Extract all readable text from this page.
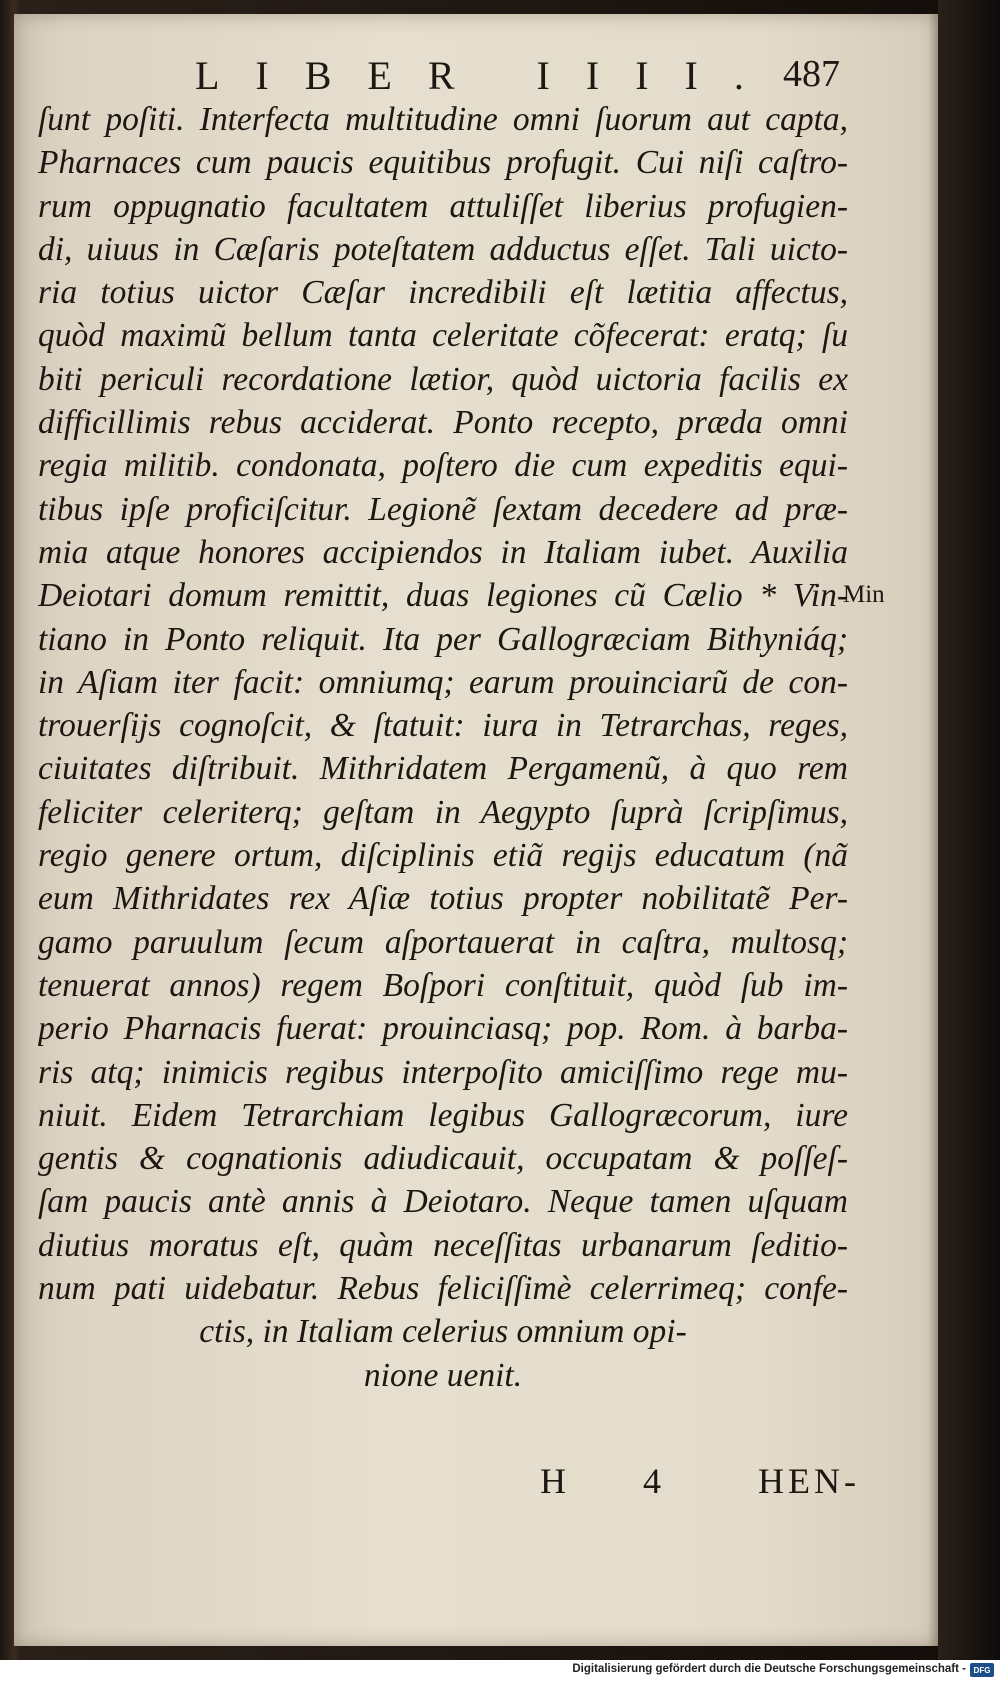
LIBER IIII. 487
ſunt poſiti. Interfecta multitudine omni ſuorum aut capta,
Pharnaces cum paucis equitibus profugit. Cui niſi caſtro-
rum oppugnatio facultatem attuliſſet liberius profugien-
di, uiuus in Cæſaris poteſtatem adductus eſſet. Tali uicto-
ria totius uictor Cæſar incredibili eſt lætitia affectus,
quòd maximũ bellum tanta celeritate cõfecerat: eratq; ſu
biti periculi recordatione lætior, quòd uictoria facilis ex
difficillimis rebus acciderat. Ponto recepto, præda omni
regia militib. condonata, poſtero die cum expeditis equi-
tibus ipſe proficiſcitur. Legionẽ ſextam decedere ad præ-
mia atque honores accipiendos in Italiam iubet. Auxilia
Deiotari domum remittit, duas legiones cũ Cælio * Vin-
tiano in Ponto reliquit. Ita per Gallogræciam Bithyniáq;
in Aſiam iter facit: omniumq; earum prouinciarũ de con-
trouerſijs cognoſcit, & ſtatuit: iura in Tetrarchas, reges,
ciuitates diſtribuit. Mithridatem Pergamenũ, à quo rem
feliciter celeriterq; geſtam in Aegypto ſuprà ſcripſimus,
regio genere ortum, diſciplinis etiã regijs educatum (nã
eum Mithridates rex Aſiæ totius propter nobilitatẽ Per-
gamo paruulum ſecum aſportauerat in caſtra, multosq;
tenuerat annos) regem Boſpori conſtituit, quòd ſub im-
perio Pharnacis fuerat: prouinciasq; pop. Rom. à barba-
ris atq; inimicis regibus interpoſito amiciſſimo rege mu-
niuit. Eidem Tetrarchiam legibus Gallogræcorum, iure
gentis & cognationis adiudicauit, occupatam & poſſeſ-
ſam paucis antè annis à Deiotaro. Neque tamen uſquam
diutius moratus eſt, quàm neceſſitas urbanarum ſeditio-
num pati uidebatur. Rebus feliciſſimè celerrimeq; confe-
ctis, in Italiam celerius omnium opi-
nione uenit.
Min
H 4 HEN-
Digitalisierung gefördert durch die Deutsche Forschungsgemeinschaft - DFG
